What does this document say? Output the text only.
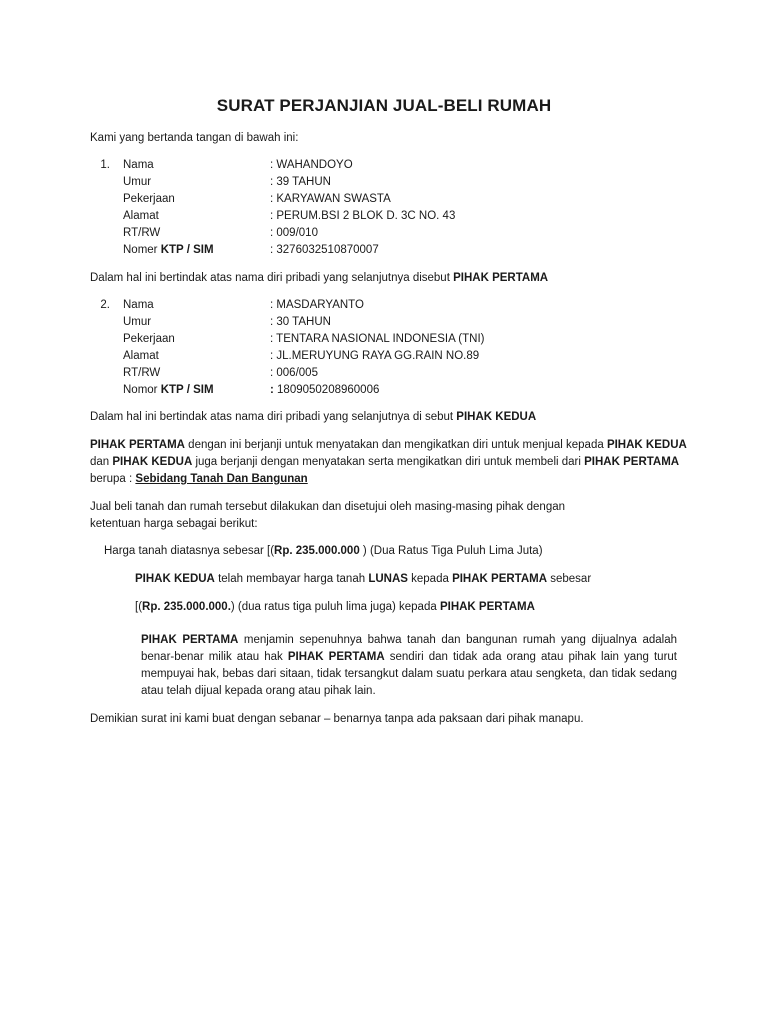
SURAT PERJANJIAN JUAL-BELI RUMAH
Kami yang bertanda tangan di bawah ini:
1. Nama	: WAHANDOYO
Umur	: 39 TAHUN
Pekerjaan	: KARYAWAN SWASTA
Alamat	: PERUM.BSI 2 BLOK D. 3C NO. 43
RT/RW	: 009/010
Nomer KTP / SIM	: 3276032510870007
Dalam hal ini bertindak atas nama diri pribadi yang selanjutnya disebut PIHAK PERTAMA
2. Nama	: MASDARYANTO
Umur	: 30 TAHUN
Pekerjaan	: TENTARA NASIONAL INDONESIA (TNI)
Alamat	: JL.MERUYUNG RAYA GG.RAIN NO.89
RT/RW	: 006/005
Nomor KTP / SIM	: 1809050208960006
Dalam hal ini bertindak atas nama diri pribadi yang selanjutnya di sebut PIHAK KEDUA
PIHAK PERTAMA dengan ini berjanji untuk menyatakan dan mengikatkan diri untuk menjual kepada PIHAK KEDUA
dan PIHAK KEDUA juga berjanji dengan menyatakan serta mengikatkan diri untuk membeli dari PIHAK PERTAMA
berupa : Sebidang Tanah Dan Bangunan
Jual beli tanah dan rumah tersebut dilakukan dan disetujui oleh masing-masing pihak dengan
ketentuan harga sebagai berikut:
Harga tanah diatasnya sebesar [(Rp. 235.000.000 ) (Dua Ratus Tiga Puluh Lima Juta)
PIHAK KEDUA telah membayar harga tanah LUNAS kepada PIHAK PERTAMA sebesar
[(Rp. 235.000.000.) (dua ratus tiga puluh lima juga) kepada PIHAK PERTAMA
PIHAK PERTAMA menjamin sepenuhnya bahwa tanah dan bangunan rumah yang dijualnya adalah benar-benar milik atau hak PIHAK PERTAMA sendiri dan tidak ada orang atau pihak lain yang turut mempuyai hak, bebas dari sitaan, tidak tersangkut dalam suatu perkara atau sengketa, dan tidak sedang atau telah dijual kepada orang atau pihak lain.
Demikian surat ini kami buat dengan sebanar – benarnya tanpa ada paksaan dari pihak manapu.
